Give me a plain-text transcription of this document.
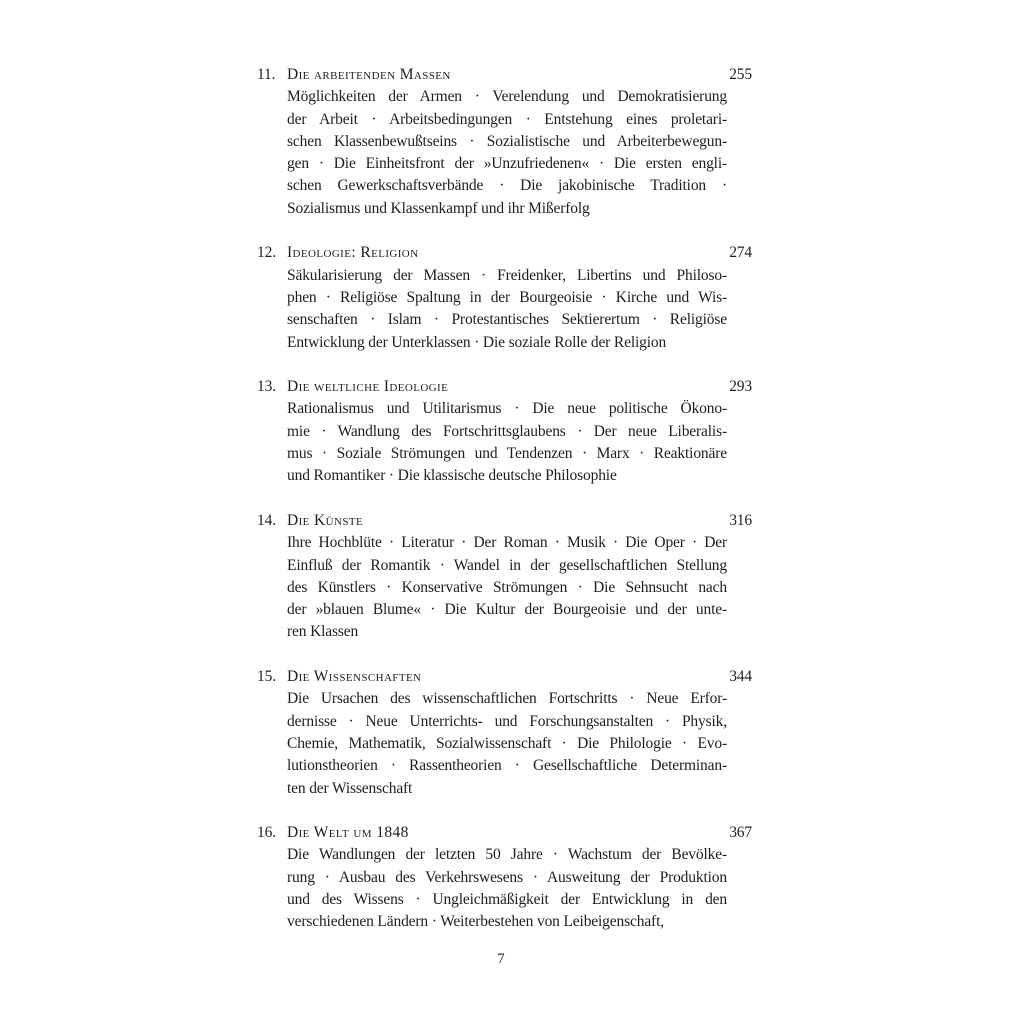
11. Die arbeitenden Massen	255
Möglichkeiten der Armen · Verelendung und Demokratisierung
der Arbeit · Arbeitsbedingungen · Entstehung eines proletari-
schen Klassenbewußtseins · Sozialistische und Arbeiterbewegun-
gen · Die Einheitsfront der »Unzufriedenen« · Die ersten engli-
schen Gewerkschaftsverbände · Die jakobinische Tradition ·
Sozialismus und Klassenkampf und ihr Mißerfolg
12. Ideologie: Religion	274
Säkularisierung der Massen · Freidenker, Libertins und Philoso-
phen · Religiöse Spaltung in der Bourgeoisie · Kirche und Wis-
senschaften · Islam · Protestantisches Sektierertum · Religiöse
Entwicklung der Unterklassen · Die soziale Rolle der Religion
13. Die weltliche Ideologie	293
Rationalismus und Utilitarismus · Die neue politische Ökono-
mie · Wandlung des Fortschrittsglaubens · Der neue Liberalis-
mus · Soziale Strömungen und Tendenzen · Marx · Reaktionäre
und Romantiker · Die klassische deutsche Philosophie
14. Die Künste	316
Ihre Hochblüte · Literatur · Der Roman · Musik · Die Oper · Der
Einfluß der Romantik · Wandel in der gesellschaftlichen Stellung
des Künstlers · Konservative Strömungen · Die Sehnsucht nach
der »blauen Blume« · Die Kultur der Bourgeoisie und der unte-
ren Klassen
15. Die Wissenschaften	344
Die Ursachen des wissenschaftlichen Fortschritts · Neue Erfor-
dernisse · Neue Unterrichts- und Forschungsanstalten · Physik,
Chemie, Mathematik, Sozialwissenschaft · Die Philologie · Evo-
lutionstheorien · Rassentheorien · Gesellschaftliche Determinan-
ten der Wissenschaft
16. Die Welt um 1848	367
Die Wandlungen der letzten 50 Jahre · Wachstum der Bevölke-
rung · Ausbau des Verkehrswesens · Ausweitung der Produktion
und des Wissens · Ungleichmäßigkeit der Entwicklung in den
verschiedenen Ländern · Weiterbestehen von Leibeigenschaft,
7
